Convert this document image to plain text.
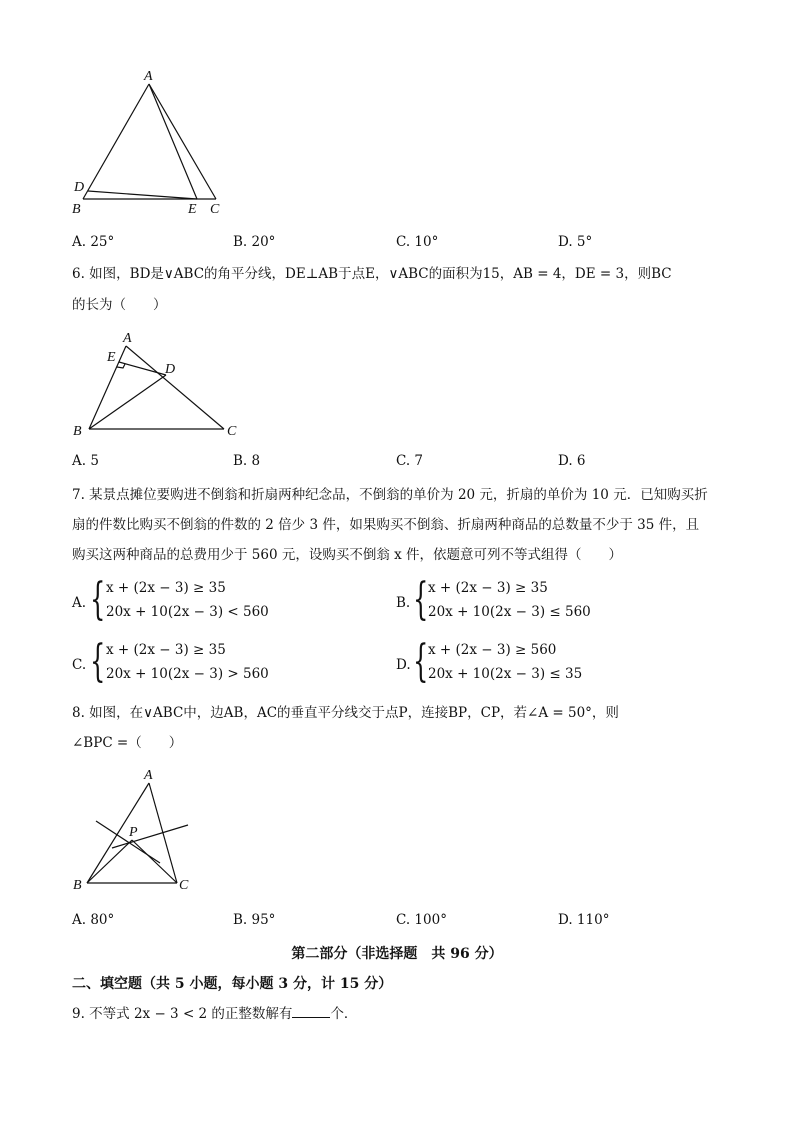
A
D
B	E C
A. 25°	B. 20°	C. 10°	D. 5°
6. 如图，BD是∨ABC的角平分线，DE⊥AB于点E，∨ABC的面积为15，AB = 4，DE = 3，则BC
的长为（　　）
A
E
D
B	C
A. 5	B. 8	C. 7	D. 6
7. 某景点摊位要购进不倒翁和折扇两种纪念品，不倒翁的单价为 20 元，折扇的单价为 10 元．已知购买折
扇的件数比购买不倒翁的件数的 2 倍少 3 件，如果购买不倒翁、折扇两种商品的总数量不少于 35 件，且
购买这两种商品的总费用少于 560 元，设购买不倒翁 x 件，依题意可列不等式组得（　　）
A. { x + (2x − 3) ≥ 35
20x + 10(2x − 3) < 560
B. { x + (2x − 3) ≥ 35
20x + 10(2x − 3) ≤ 560
C. { x + (2x − 3) ≥ 35
20x + 10(2x − 3) > 560
D. { x + (2x − 3) ≥ 560
20x + 10(2x − 3) ≤ 35
8. 如图，在∨ABC中，边AB，AC的垂直平分线交于点P，连接BP，CP，若∠A = 50°，则
∠BPC =（　　）
A
P
B	C
A. 80°	B. 95°	C. 100°	D. 110°
第二部分（非选择题　共 96 分）
二、填空题（共 5 小题，每小题 3 分，计 15 分）
9. 不等式 2x − 3 < 2 的正整数解有	个．
